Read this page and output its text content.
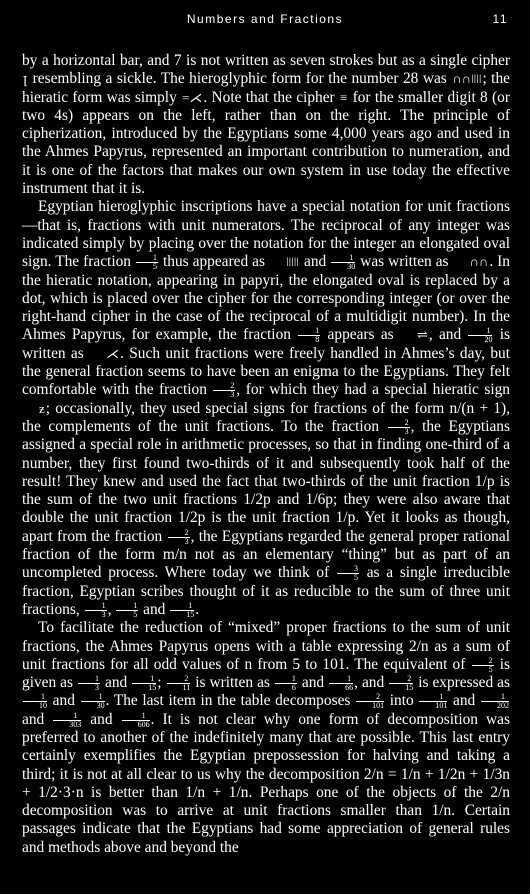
Numbers and Fractions	11

by a horizontal bar, and 7 is not written as seven strokes but as a single cipher ꞁ resembling a sickle. The hieroglyphic form for the number 28 was ∩∩ǀǀǀǀ; the hieratic form was simply =⋌. Note that the cipher ≡ for the smaller digit 8 (or two 4s) appears on the left, rather than on the right. The principle of cipherization, introduced by the Egyptians some 4,000 years ago and used in the Ahmes Papyrus, represented an important contribution to numeration, and it is one of the factors that makes our own system in use today the effective instrument that it is.

Egyptian hieroglyphic inscriptions have a special notation for unit fractions—that is, fractions with unit numerators. The reciprocal of any integer was indicated simply by placing over the notation for the integer an elongated oval sign. The fraction $\frac{1}{5}$ thus appeared as ǀǀǀǀǀ and $\frac{1}{30}$ was written as ∩∩. In the hieratic notation, appearing in papyri, the elongated oval is replaced by a dot, which is placed over the cipher for the corresponding integer (or over the right-hand cipher in the case of the reciprocal of a multidigit number). In the Ahmes Papyrus, for example, the fraction $\frac{1}{8}$ appears as ⇌, and $\frac{1}{20}$ is written as ⋌. Such unit fractions were freely handled in Ahmes’s day, but the general fraction seems to have been an enigma to the Egyptians. They felt comfortable with the fraction $\frac{2}{3}$ , for which they had a special hieratic sign ƶ; occasionally, they used special signs for fractions of the form n/(n + 1), the complements of the unit fractions. To the fraction $\frac{2}{3}$ , the Egyptians assigned a special role in arithmetic processes, so that in finding one-third of a number, they first found two-thirds of it and subsequently took half of the result! They knew and used the fact that two-thirds of the unit fraction 1/p is the sum of the two unit fractions 1/2p and 1/6p; they were also aware that double the unit fraction 1/2p is the unit fraction 1/p. Yet it looks as though, apart from the fraction $\frac{2}{3}$ , the Egyptians regarded the general proper rational fraction of the form m/n not as an elementary “thing” but as part of an uncompleted process. Where today we think of $\frac{3}{5}$ as a single irreducible fraction, Egyptian scribes thought of it as reducible to the sum of three unit fractions, $\frac{1}{3}$ , $\frac{1}{5}$ and $\frac{1}{15}$ .

To facilitate the reduction of “mixed” proper fractions to the sum of unit fractions, the Ahmes Papyrus opens with a table expressing 2/n as a sum of unit fractions for all odd values of n from 5 to 101. The equivalent of $\frac{2}{5}$ is given as $\frac{1}{3}$ and $\frac{1}{15}$ ; $\frac{2}{11}$ is written as $\frac{1}{6}$ and $\frac{1}{66}$ , and $\frac{2}{15}$ is expressed as
$\frac{1}{10}$ and $\frac{1}{30}$ . The last item in the table decomposes $\frac{2}{101}$ into $\frac{1}{101}$ and $\frac{1}{202}$
and $\frac{1}{303}$ and $\frac{1}{606}$ . It is not clear why one form of decomposition was preferred to another of the indefinitely many that are possible. This last entry certainly exemplifies the Egyptian prepossession for halving and taking a third; it is not at all clear to us why the decomposition 2/n = 1/n + 1/2n + 1/3n + 1/2·3·n is better than 1/n + 1/n. Perhaps one of the objects of the 2/n decomposition was to arrive at unit fractions smaller than 1/n. Certain passages indicate that the Egyptians had some appreciation of general rules and methods above and beyond the
